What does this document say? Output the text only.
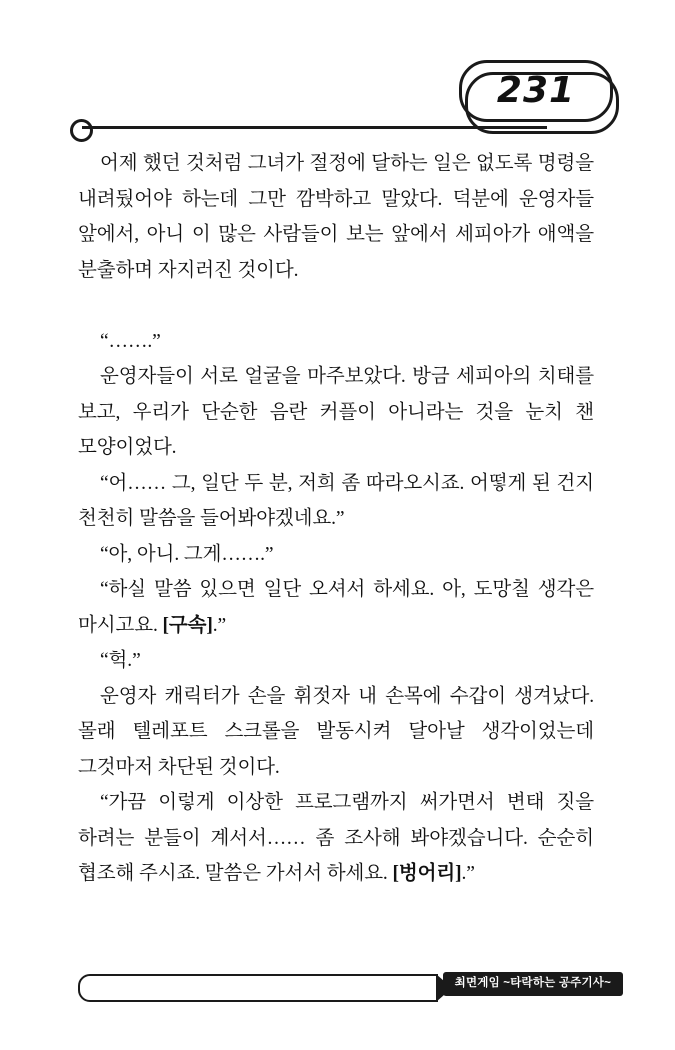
231

어제 했던 것처럼 그녀가 절정에 달하는 일은 없도록 명령을 내려뒀어야 하는데 그만 깜박하고 말았다. 덕분에 운영자들 앞에서, 아니 이 많은 사람들이 보는 앞에서 세피아가 애액을 분출하며 자지러진 것이다.

“…….”

운영자들이 서로 얼굴을 마주보았다. 방금 세피아의 치태를 보고, 우리가 단순한 음란 커플이 아니라는 것을 눈치 챈 모양이었다.

“어…… 그, 일단 두 분, 저희 좀 따라오시죠. 어떻게 된 건지 천천히 말씀을 들어봐야겠네요.”

“아, 아니. 그게…….”

“하실 말씀 있으면 일단 오셔서 하세요. 아, 도망칠 생각은 마시고요. [구속].”

“헉.”

운영자 캐릭터가 손을 휘젓자 내 손목에 수갑이 생겨났다. 몰래 텔레포트 스크롤을 발동시켜 달아날 생각이었는데 그것마저 차단된 것이다.

“가끔 이렇게 이상한 프로그램까지 써가면서 변태 짓을 하려는 분들이 계서서…… 좀 조사해 봐야겠습니다. 순순히 협조해 주시죠. 말씀은 가서서 하세요. [벙어리].”

최면게임 ~타락하는 공주기사~
